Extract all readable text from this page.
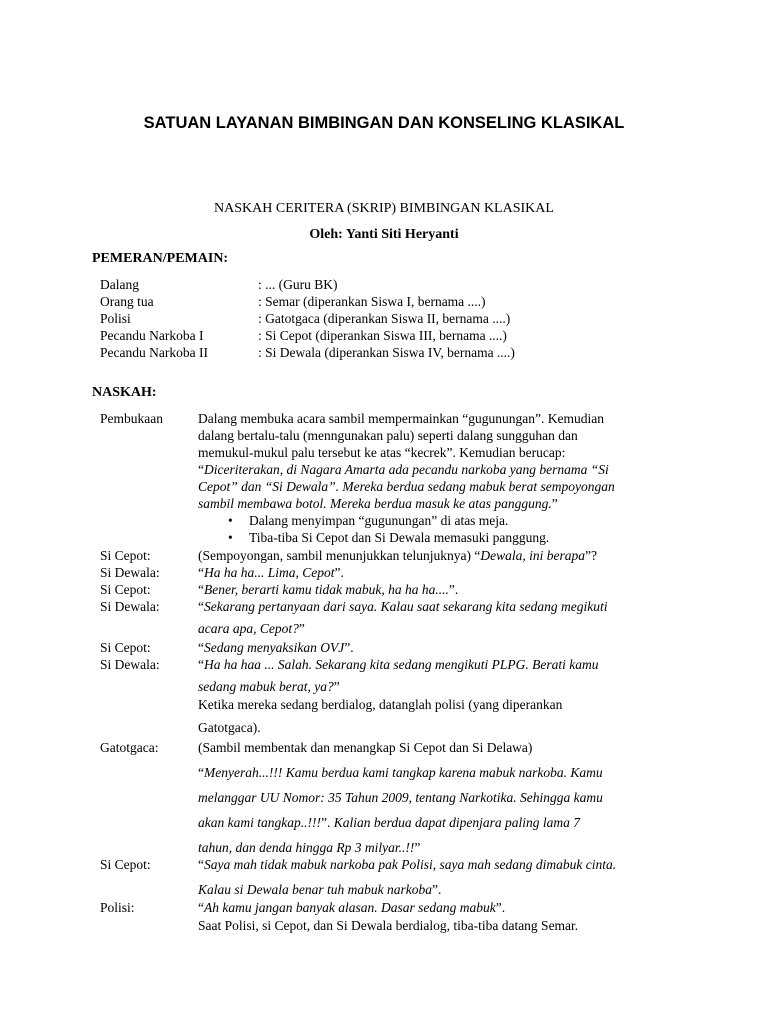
SATUAN LAYANAN BIMBINGAN DAN KONSELING KLASIKAL
NASKAH CERITERA (SKRIP) BIMBINGAN KLASIKAL
Oleh: Yanti Siti Heryanti
PEMERAN/PEMAIN:
Dalang	: ... (Guru BK)
Orang tua	: Semar (diperankan Siswa I, bernama ....)
Polisi	: Gatotgaca (diperankan Siswa II, bernama ....)
Pecandu Narkoba I	: Si Cepot (diperankan Siswa III, bernama ....)
Pecandu Narkoba II	: Si Dewala (diperankan Siswa IV, bernama ....)
NASKAH:
Pembukaan	Dalang membuka acara sambil mempermainkan “gugunungan”. Kemudian
dalang bertalu-talu (menngunakan palu) seperti dalang sungguhan dan
memukul-mukul palu tersebut ke atas “kecrek”. Kemudian berucap:
“Diceriterakan, di Nagara Amarta ada pecandu narkoba yang bernama “Si
Cepot” dan “Si Dewala”. Mereka berdua sedang mabuk berat sempoyongan
sambil membawa botol. Mereka berdua masuk ke atas panggung.”
• Dalang menyimpan “gugunungan” di atas meja.
• Tiba-tiba Si Cepot dan Si Dewala memasuki panggung.
Si Cepot:	(Sempoyongan, sambil menunjukkan telunjuknya) “Dewala, ini berapa”?
Si Dewala:	“Ha ha ha... Lima, Cepot”.
Si Cepot:	“Bener, berarti kamu tidak mabuk, ha ha ha....”.
Si Dewala:	“Sekarang pertanyaan dari saya. Kalau saat sekarang kita sedang megikuti
acara apa, Cepot?”
Si Cepot:	“Sedang menyaksikan OVJ”.
Si Dewala:	“Ha ha haa ... Salah. Sekarang kita sedang mengikuti PLPG. Berati kamu
sedang mabuk berat, ya?”
Ketika mereka sedang berdialog, datanglah polisi (yang diperankan
Gatotgaca).
Gatotgaca:	(Sambil membentak dan menangkap Si Cepot dan Si Delawa)
“Menyerah...!!! Kamu berdua kami tangkap karena mabuk narkoba. Kamu
melanggar UU Nomor: 35 Tahun 2009, tentang Narkotika. Sehingga kamu
akan kami tangkap..!!!”. Kalian berdua dapat dipenjara paling lama 7
tahun, dan denda hingga Rp 3 milyar..!!”
Si Cepot:	“Saya mah tidak mabuk narkoba pak Polisi, saya mah sedang dimabuk cinta.
Kalau si Dewala benar tuh mabuk narkoba”.
Polisi:	“Ah kamu jangan banyak alasan. Dasar sedang mabuk”.
Saat Polisi, si Cepot, dan Si Dewala berdialog, tiba-tiba datang Semar.
